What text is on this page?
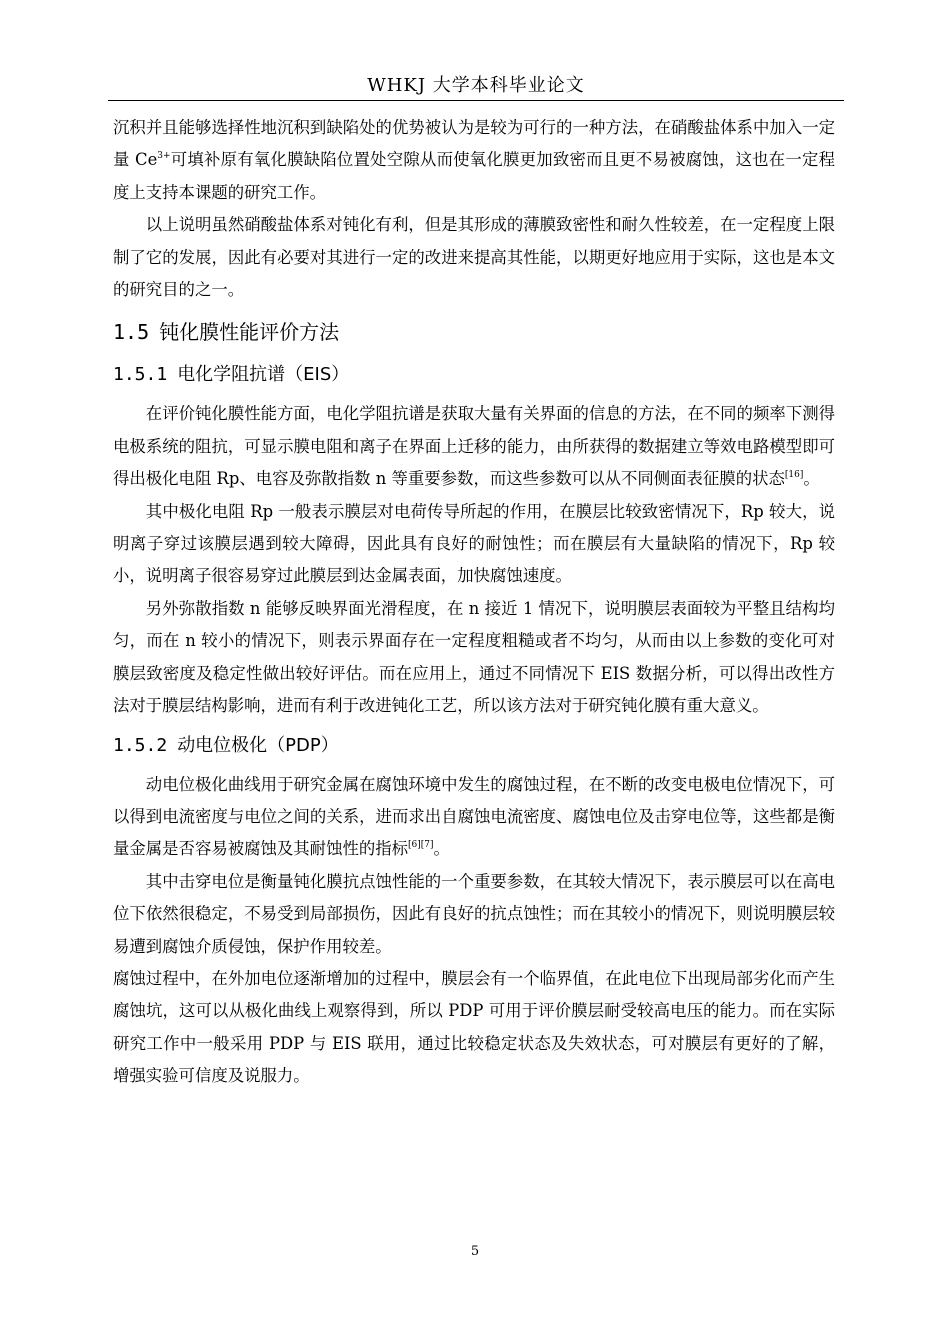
WHKJ 大学本科毕业论文

沉积并且能够选择性地沉积到缺陷处的优势被认为是较为可行的一种方法，在硝酸盐体系中加入一定量 $Ce^{3+}$可填补原有氧化膜缺陷位置处空隙从而使氧化膜更加致密而且更不易被腐蚀，这也在一定程度上支持本课题的研究工作。

以上说明虽然硝酸盐体系对钝化有利，但是其形成的薄膜致密性和耐久性较差，在一定程度上限制了它的发展，因此有必要对其进行一定的改进来提高其性能，以期更好地应用于实际，这也是本文的研究目的之一。

1.5 钝化膜性能评价方法
1.5.1 电化学阻抗谱（EIS）

在评价钝化膜性能方面，电化学阻抗谱是获取大量有关界面的信息的方法，在不同的频率下测得电极系统的阻抗，可显示膜电阻和离子在界面上迁移的能力，由所获得的数据建立等效电路模型即可得出极化电阻 Rp、电容及弥散指数 n 等重要参数，而这些参数可以从不同侧面表征膜的状态[16]。

其中极化电阻 Rp 一般表示膜层对电荷传导所起的作用，在膜层比较致密情况下，Rp 较大，说明离子穿过该膜层遇到较大障碍，因此具有良好的耐蚀性；而在膜层有大量缺陷的情况下，Rp 较小，说明离子很容易穿过此膜层到达金属表面，加快腐蚀速度。

另外弥散指数 n 能够反映界面光滑程度，在 n 接近 1 情况下，说明膜层表面较为平整且结构均匀，而在 n 较小的情况下，则表示界面存在一定程度粗糙或者不均匀，从而由以上参数的变化可对膜层致密度及稳定性做出较好评估。而在应用上，通过不同情况下 EIS 数据分析，可以得出改性方法对于膜层结构影响，进而有利于改进钝化工艺，所以该方法对于研究钝化膜有重大意义。

1.5.2 动电位极化（PDP）

动电位极化曲线用于研究金属在腐蚀环境中发生的腐蚀过程，在不断的改变电极电位情况下，可以得到电流密度与电位之间的关系，进而求出自腐蚀电流密度、腐蚀电位及击穿电位等，这些都是衡量金属是否容易被腐蚀及其耐蚀性的指标[6][7]。

其中击穿电位是衡量钝化膜抗点蚀性能的一个重要参数，在其较大情况下，表示膜层可以在高电位下依然很稳定，不易受到局部损伤，因此有良好的抗点蚀性；而在其较小的情况下，则说明膜层较易遭到腐蚀介质侵蚀，保护作用较差。

腐蚀过程中，在外加电位逐渐增加的过程中，膜层会有一个临界值，在此电位下出现局部劣化而产生腐蚀坑，这可以从极化曲线上观察得到，所以 PDP 可用于评价膜层耐受较高电压的能力。而在实际研究工作中一般采用 PDP 与 EIS 联用，通过比较稳定状态及失效状态，可对膜层有更好的了解，增强实验可信度及说服力。

5
